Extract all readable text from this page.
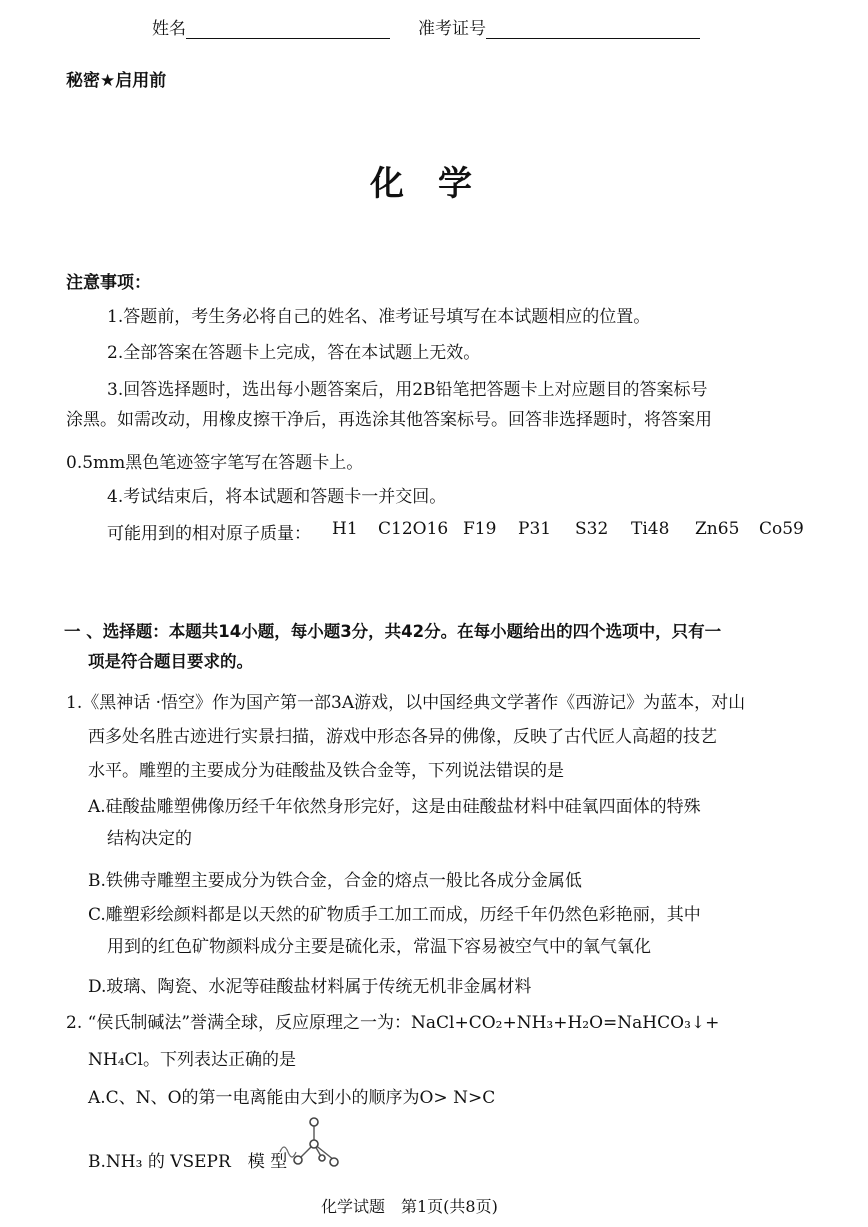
姓名	准考证号
秘密★启用前
化　学
注意事项：
1.答题前，考生务必将自己的姓名、准考证号填写在本试题相应的位置。
2.全部答案在答题卡上完成，答在本试题上无效。
3.回答选择题时，选出每小题答案后，用2B铅笔把答题卡上对应题目的答案标号
涂黑。如需改动，用橡皮擦干净后，再选涂其他答案标号。回答非选择题时，将答案用
0.5mm黑色笔迹签字笔写在答题卡上。
4.考试结束后，将本试题和答题卡一并交回。
可能用到的相对原子质量： H1 C12O16 F19 P31 S32 Ti48 Zn65 Co59
一 、选择题：本题共14小题，每小题3分，共42分。在每小题给出的四个选项中，只有一
项是符合题目要求的。
1.《黑神话 ·悟空》作为国产第一部3A游戏，以中国经典文学著作《西游记》为蓝本，对山
西多处名胜古迹进行实景扫描，游戏中形态各异的佛像，反映了古代匠人高超的技艺
水平。雕塑的主要成分为硅酸盐及铁合金等，下列说法错误的是
A.硅酸盐雕塑佛像历经千年依然身形完好，这是由硅酸盐材料中硅氧四面体的特殊
结构决定的
B.铁佛寺雕塑主要成分为铁合金，合金的熔点一般比各成分金属低
C.雕塑彩绘颜料都是以天然的矿物质手工加工而成，历经千年仍然色彩艳丽，其中
用到的红色矿物颜料成分主要是硫化汞，常温下容易被空气中的氧气氧化
D.玻璃、陶瓷、水泥等硅酸盐材料属于传统无机非金属材料
2. “侯氏制碱法”誉满全球，反应原理之一为：NaCl+CO₂+NH₃+H₂O=NaHCO₃↓+
NH₄Cl。下列表达正确的是
A.C、N、O的第一电离能由大到小的顺序为O> N>C
B.NH₃ 的 VSEPR　模 型
化学试题　第1页(共8页)
